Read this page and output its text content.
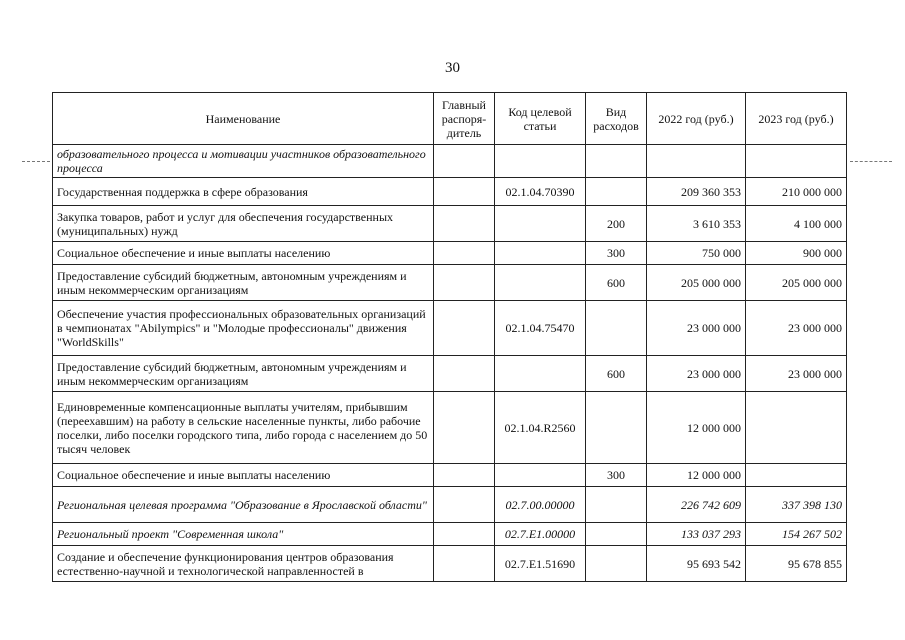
30
Наименование	Главный распоря- дитель	Код целевой статьи	Вид расходов	2022 год (руб.)	2023 год (руб.)
образовательного процесса и мотивации участников образовательного процесса					
Государственная поддержка в сфере образования		02.1.04.70390		209 360 353	210 000 000
Закупка товаров, работ и услуг для обеспечения государственных (муниципальных) нужд			200	3 610 353	4 100 000
Социальное обеспечение и иные выплаты населению			300	750 000	900 000
Предоставление субсидий бюджетным, автономным учреждениям и иным некоммерческим организациям			600	205 000 000	205 000 000
Обеспечение участия профессиональных образовательных организаций в чемпионатах "Abilympics" и "Молодые профессионалы" движения "WorldSkills"		02.1.04.75470		23 000 000	23 000 000
Предоставление субсидий бюджетным, автономным учреждениям и иным некоммерческим организациям			600	23 000 000	23 000 000
Единовременные компенсационные выплаты учителям, прибывшим (переехавшим) на работу в сельские населенные пункты, либо рабочие поселки, либо поселки городского типа, либо города с населением до 50 тысяч человек		02.1.04.R2560		12 000 000	
Социальное обеспечение и иные выплаты населению			300	12 000 000	
Региональная целевая программа "Образование в Ярославской области"		02.7.00.00000		226 742 609	337 398 130
Региональный проект "Современная школа"		02.7.E1.00000		133 037 293	154 267 502
Создание и обеспечение функционирования центров образования естественно-научной и технологической направленностей в		02.7.E1.51690		95 693 542	95 678 855
